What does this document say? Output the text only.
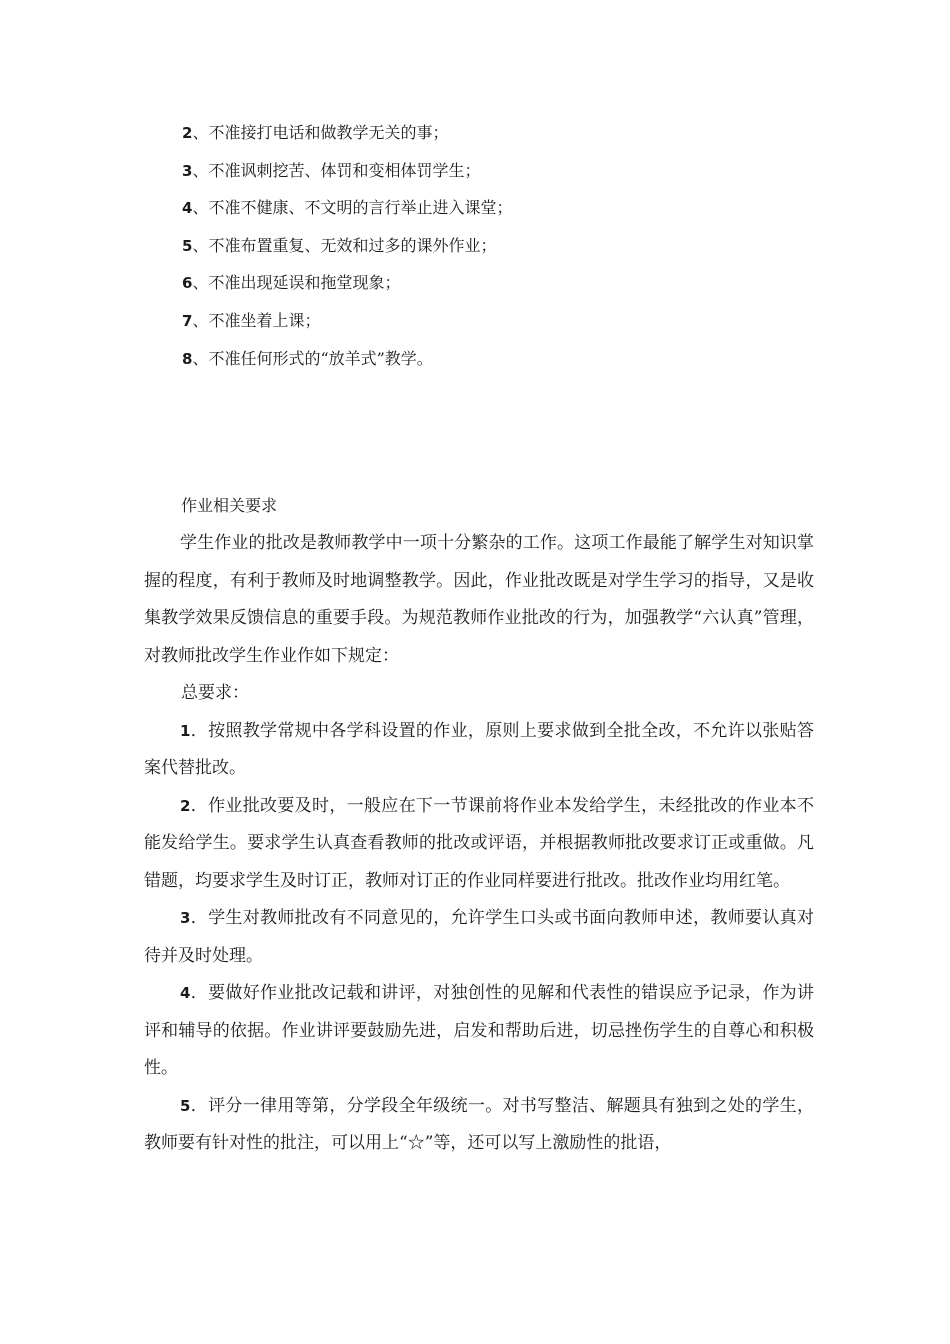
2、不准接打电话和做教学无关的事；
3、不准讽刺挖苦、体罚和变相体罚学生；
4、不准不健康、不文明的言行举止进入课堂；
5、不准布置重复、无效和过多的课外作业；
6、不准出现延误和拖堂现象；
7、不准坐着上课；
8、不准任何形式的“放羊式”教学。

作业相关要求

学生作业的批改是教师教学中一项十分繁杂的工作。这项工作最能了解学生对知识掌握的程度，有利于教师及时地调整教学。因此，作业批改既是对学生学习的指导，又是收集教学效果反馈信息的重要手段。为规范教师作业批改的行为，加强教学“六认真”管理，对教师批改学生作业作如下规定：

总要求：

1．按照教学常规中各学科设置的作业，原则上要求做到全批全改，不允许以张贴答案代替批改。

2．作业批改要及时，一般应在下一节课前将作业本发给学生，未经批改的作业本不能发给学生。要求学生认真查看教师的批改或评语，并根据教师批改要求订正或重做。凡错题，均要求学生及时订正，教师对订正的作业同样要进行批改。批改作业均用红笔。

3．学生对教师批改有不同意见的，允许学生口头或书面向教师申述，教师要认真对待并及时处理。

4．要做好作业批改记载和讲评，对独创性的见解和代表性的错误应予记录，作为讲评和辅导的依据。作业讲评要鼓励先进，启发和帮助后进，切忌挫伤学生的自尊心和积极性。

5．评分一律用等第，分学段全年级统一。对书写整洁、解题具有独到之处的学生，教师要有针对性的批注，可以用上“☆”等，还可以写上激励性的批语，
